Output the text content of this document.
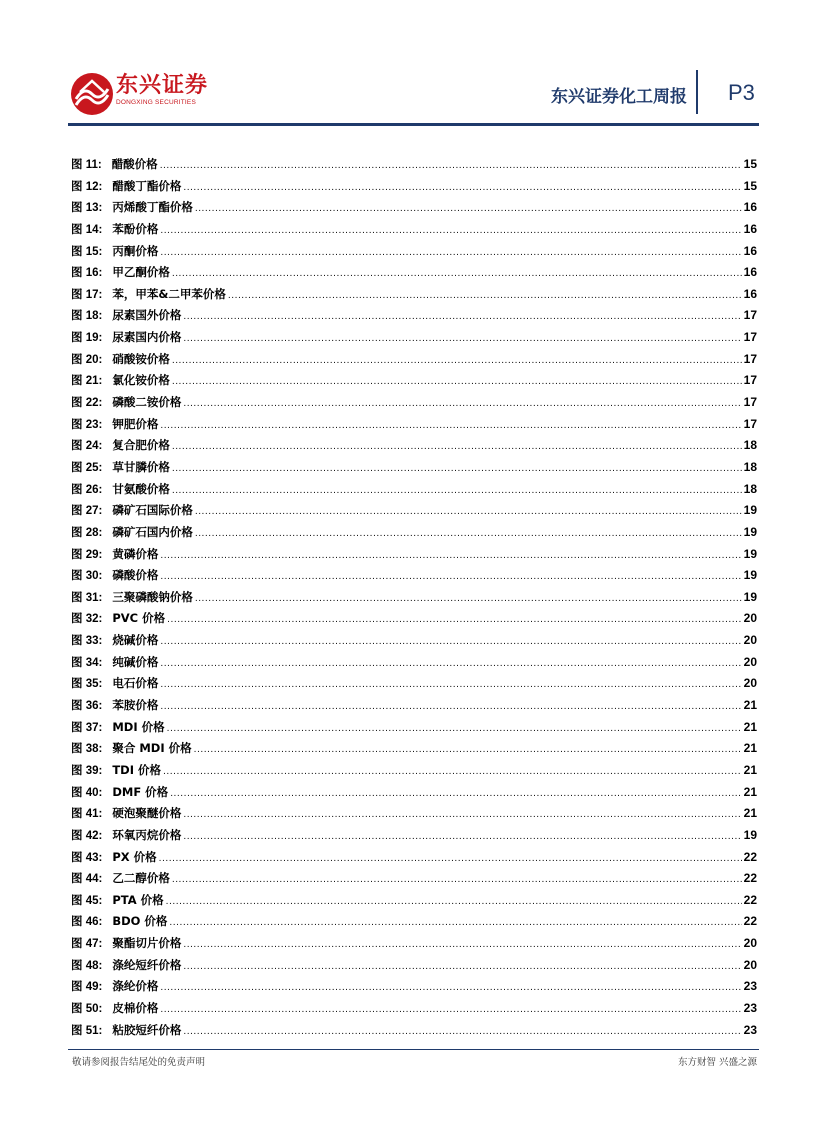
东兴证券
DONGXING SECURITIES	东兴证券化工周报 P3
图 11: 醋酸价格 .....	15
图 12: 醋酸丁酯价格 .....	15
图 13: 丙烯酸丁酯价格 .....	16
图 14: 苯酚价格 .....	16
图 15: 丙酮价格 .....	16
图 16: 甲乙酮价格 .....	16
图 17: 苯，甲苯&二甲苯价格 .....	16
图 18: 尿素国外价格 .....	17
图 19: 尿素国内价格 .....	17
图 20: 硝酸铵价格 .....	17
图 21: 氯化铵价格 .....	17
图 22: 磷酸二铵价格 .....	17
图 23: 钾肥价格 .....	17
图 24: 复合肥价格 .....	18
图 25: 草甘膦价格 .....	18
图 26: 甘氨酸价格 .....	18
图 27: 磷矿石国际价格 .....	19
图 28: 磷矿石国内价格 .....	19
图 29: 黄磷价格 .....	19
图 30: 磷酸价格 .....	19
图 31: 三聚磷酸钠价格 .....	19
图 32: PVC 价格 .....	20
图 33: 烧碱价格 .....	20
图 34: 纯碱价格 .....	20
图 35: 电石价格 .....	20
图 36: 苯胺价格 .....	21
图 37: MDI 价格 .....	21
图 38: 聚合 MDI 价格 .....	21
图 39: TDI 价格 .....	21
图 40: DMF 价格 .....	21
图 41: 硬泡聚醚价格 .....	21
图 42: 环氧丙烷价格 .....	19
图 43: PX 价格 .....	22
图 44: 乙二醇价格 .....	22
图 45: PTA 价格 .....	22
图 46: BDO 价格 .....	22
图 47: 聚酯切片价格 .....	20
图 48: 涤纶短纤价格 .....	20
图 49: 涤纶价格 .....	23
图 50: 皮棉价格 .....	23
图 51: 粘胶短纤价格 .....	23
敬请参阅报告结尾处的免责声明	东方财智 兴盛之源
